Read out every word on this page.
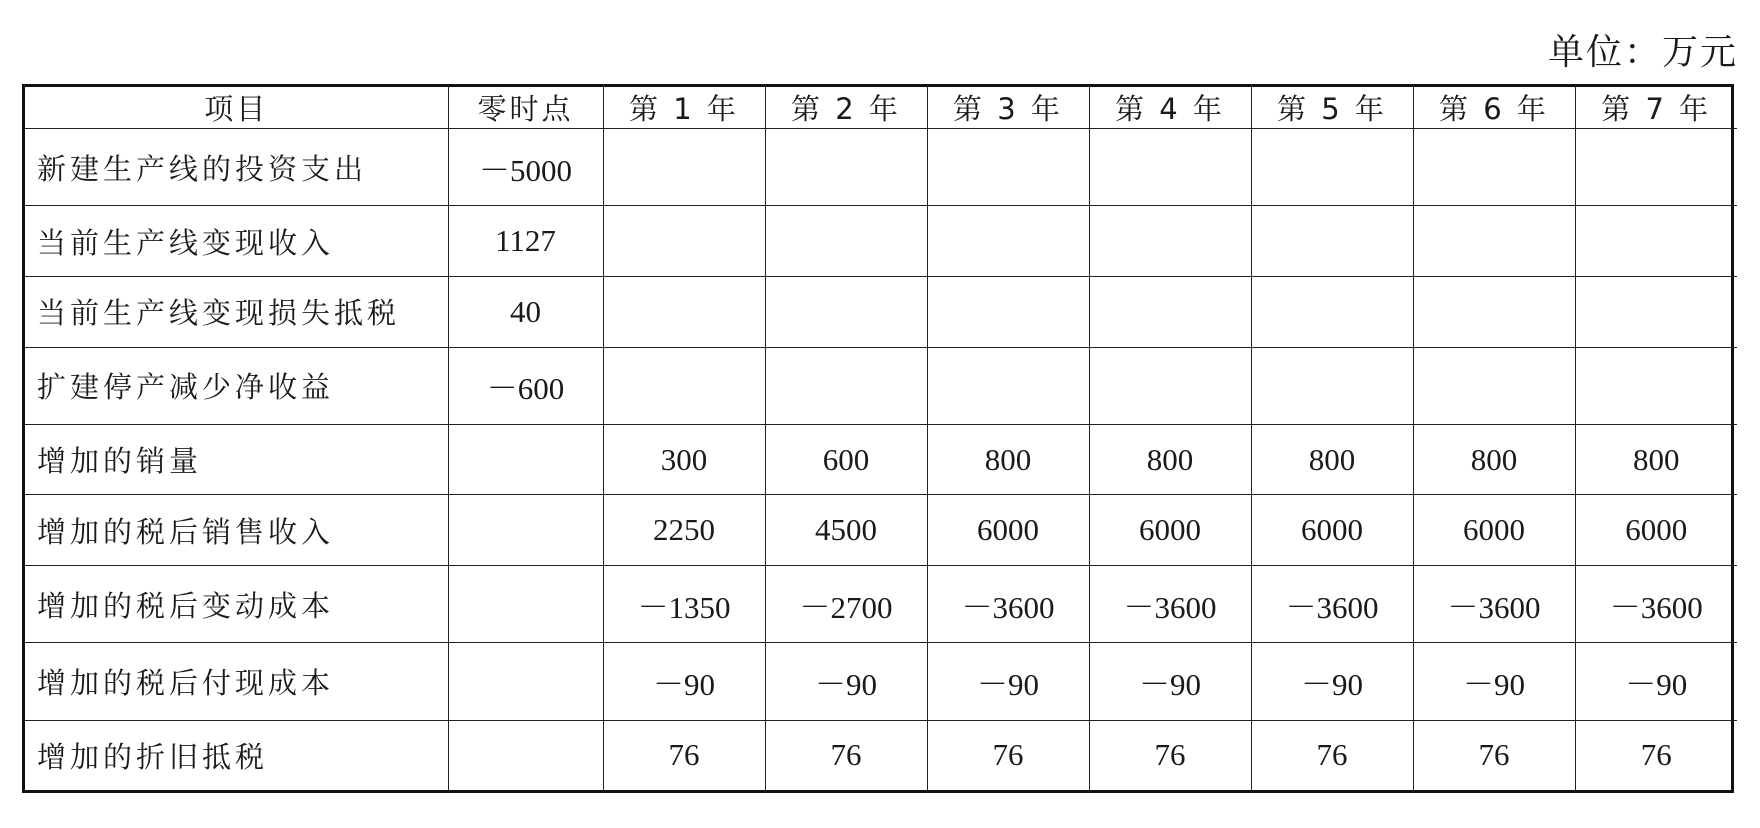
单位：万元
项目	零时点	第 1 年	第 2 年	第 3 年	第 4 年	第 5 年	第 6 年	第 7 年
新建生产线的投资支出	－5000							
当前生产线变现收入	1127							
当前生产线变现损失抵税	40							
扩建停产减少净收益	－600							
增加的销量		300	600	800	800	800	800	800
增加的税后销售收入		2250	4500	6000	6000	6000	6000	6000
增加的税后变动成本		－1350	－2700	－3600	－3600	－3600	－3600	－3600
增加的税后付现成本		－90	－90	－90	－90	－90	－90	－90
增加的折旧抵税		76	76	76	76	76	76	76
